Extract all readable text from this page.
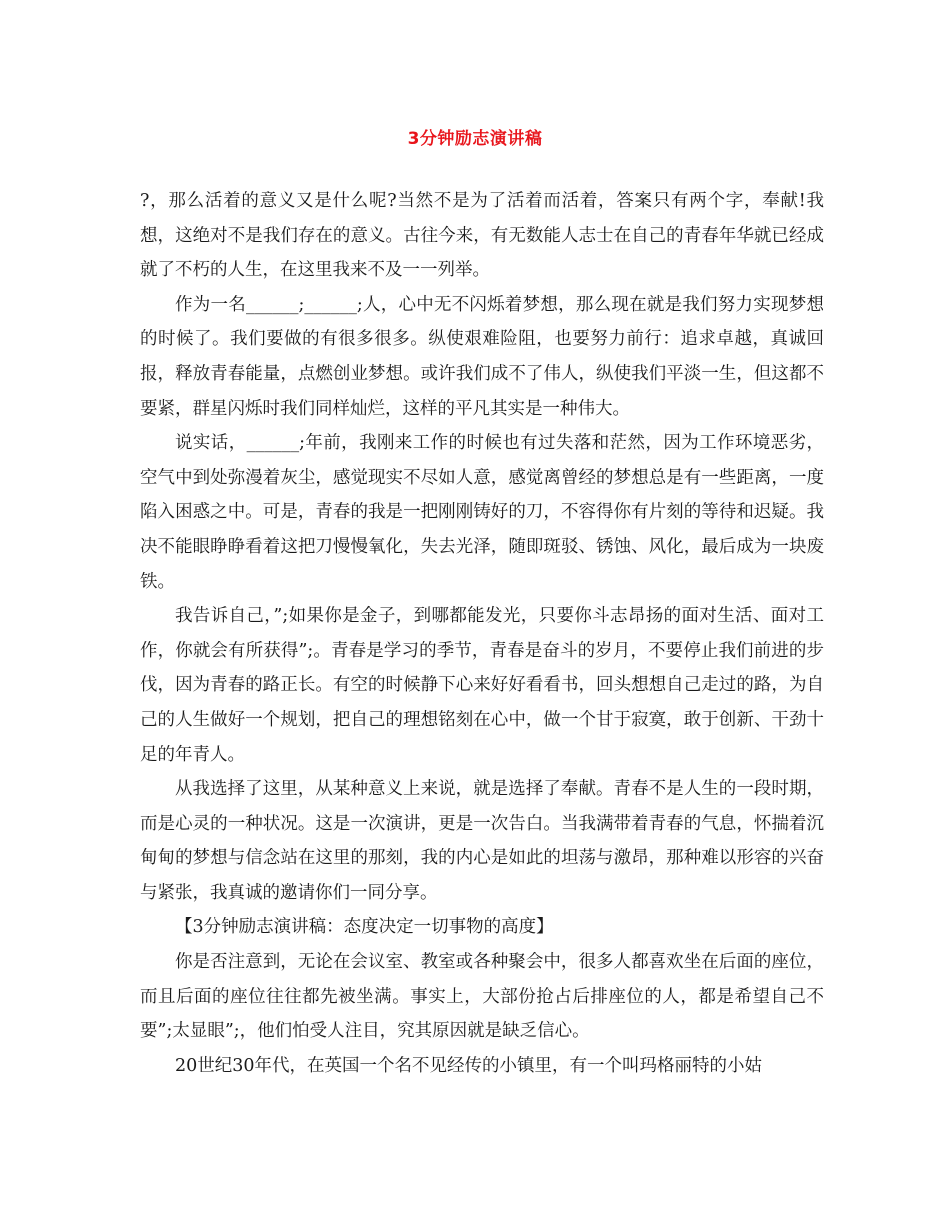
3分钟励志演讲稿

?，那么活着的意义又是什么呢?当然不是为了活着而活着，答案只有两个字，奉献!我想，这绝对不是我们存在的意义。古往今来，有无数能人志士在自己的青春年华就已经成就了不朽的人生，在这里我来不及一一列举。

作为一名______;______;人，心中无不闪烁着梦想，那么现在就是我们努力实现梦想的时候了。我们要做的有很多很多。纵使艰难险阻，也要努力前行：追求卓越，真诚回报，释放青春能量，点燃创业梦想。或许我们成不了伟人，纵使我们平淡一生，但这都不要紧，群星闪烁时我们同样灿烂，这样的平凡其实是一种伟大。

说实话，______;年前，我刚来工作的时候也有过失落和茫然，因为工作环境恶劣，空气中到处弥漫着灰尘，感觉现实不尽如人意，感觉离曾经的梦想总是有一些距离，一度陷入困惑之中。可是，青春的我是一把刚刚铸好的刀，不容得你有片刻的等待和迟疑。我决不能眼睁睁看着这把刀慢慢氧化，失去光泽，随即斑驳、锈蚀、风化，最后成为一块废铁。

我告诉自己，”;如果你是金子，到哪都能发光，只要你斗志昂扬的面对生活、面对工作，你就会有所获得”;。青春是学习的季节，青春是奋斗的岁月，不要停止我们前进的步伐，因为青春的路正长。有空的时候静下心来好好看看书，回头想想自己走过的路，为自己的人生做好一个规划，把自己的理想铭刻在心中，做一个甘于寂寞，敢于创新、干劲十足的年青人。

从我选择了这里，从某种意义上来说，就是选择了奉献。青春不是人生的一段时期，而是心灵的一种状况。这是一次演讲，更是一次告白。当我满带着青春的气息，怀揣着沉甸甸的梦想与信念站在这里的那刻，我的内心是如此的坦荡与激昂，那种难以形容的兴奋与紧张，我真诚的邀请你们一同分享。

【3分钟励志演讲稿：态度决定一切事物的高度】

你是否注意到，无论在会议室、教室或各种聚会中，很多人都喜欢坐在后面的座位，而且后面的座位往往都先被坐满。事实上，大部份抢占后排座位的人，都是希望自己不要”;太显眼”;，他们怕受人注目，究其原因就是缺乏信心。

20世纪30年代，在英国一个名不见经传的小镇里，有一个叫玛格丽特的小姑
